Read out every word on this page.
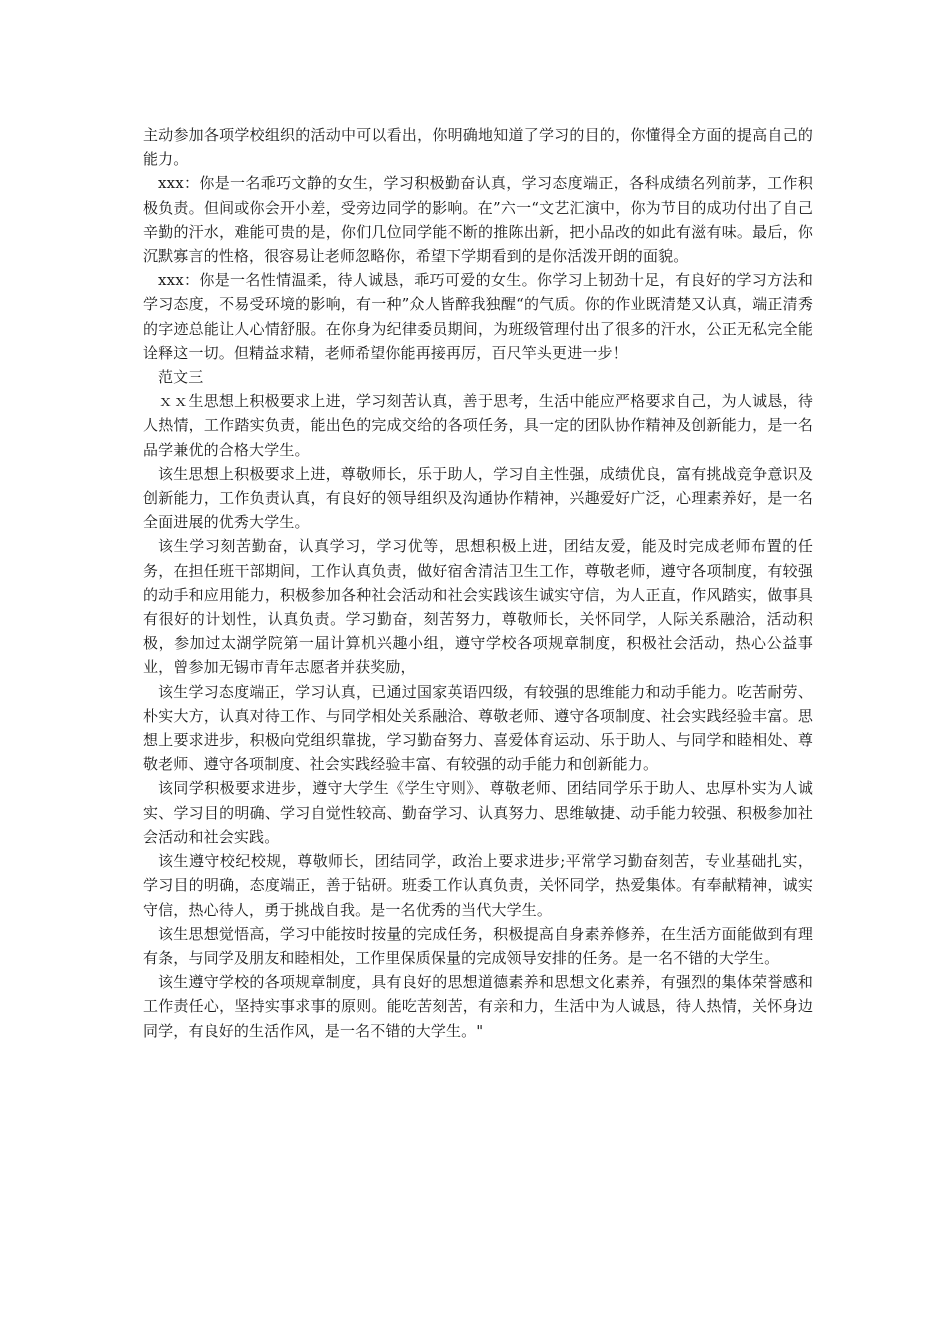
主动参加各项学校组织的活动中可以看出，你明确地知道了学习的目的，你懂得全方面的提高自己的能力。

xxx：你是一名乖巧文静的女生，学习积极勤奋认真，学习态度端正，各科成绩名列前茅，工作积极负责。但间或你会开小差，受旁边同学的影响。在”六一“文艺汇演中，你为节目的成功付出了自己辛勤的汗水，难能可贵的是，你们几位同学能不断的推陈出新，把小品改的如此有滋有味。最后，你沉默寡言的性格，很容易让老师忽略你，希望下学期看到的是你活泼开朗的面貌。

xxx：你是一名性情温柔，待人诚恳，乖巧可爱的女生。你学习上韧劲十足，有良好的学习方法和学习态度，不易受环境的影响，有一种”众人皆醉我独醒“的气质。你的作业既清楚又认真，端正清秀的字迹总能让人心情舒服。在你身为纪律委员期间，为班级管理付出了很多的汗水，公正无私完全能诠释这一切。但精益求精，老师希望你能再接再厉，百尺竿头更进一步！

范文三

ｘｘ生思想上积极要求上进，学习刻苦认真，善于思考，生活中能应严格要求自己，为人诚恳，待人热情，工作踏实负责，能出色的完成交给的各项任务，具一定的团队协作精神及创新能力，是一名品学兼优的合格大学生。

该生思想上积极要求上进，尊敬师长，乐于助人，学习自主性强，成绩优良，富有挑战竞争意识及创新能力，工作负责认真，有良好的领导组织及沟通协作精神，兴趣爱好广泛，心理素养好，是一名全面进展的优秀大学生。

该生学习刻苦勤奋，认真学习，学习优等，思想积极上进，团结友爱，能及时完成老师布置的任务，在担任班干部期间，工作认真负责，做好宿舍清洁卫生工作，尊敬老师，遵守各项制度，有较强的动手和应用能力，积极参加各种社会活动和社会实践该生诚实守信，为人正直，作风踏实，做事具有很好的计划性，认真负责。学习勤奋，刻苦努力，尊敬师长，关怀同学，人际关系融洽，活动积极，参加过太湖学院第一届计算机兴趣小组，遵守学校各项规章制度，积极社会活动，热心公益事业，曾参加无锡市青年志愿者并获奖励，

该生学习态度端正，学习认真，已通过国家英语四级，有较强的思维能力和动手能力。吃苦耐劳、朴实大方，认真对待工作、与同学相处关系融洽、尊敬老师、遵守各项制度、社会实践经验丰富。思想上要求进步，积极向党组织靠拢，学习勤奋努力、喜爱体育运动、乐于助人、与同学和睦相处、尊敬老师、遵守各项制度、社会实践经验丰富、有较强的动手能力和创新能力。

该同学积极要求进步，遵守大学生《学生守则》、尊敬老师、团结同学乐于助人、忠厚朴实为人诚实、学习目的明确、学习自觉性较高、勤奋学习、认真努力、思维敏捷、动手能力较强、积极参加社会活动和社会实践。

该生遵守校纪校规，尊敬师长，团结同学，政治上要求进步;平常学习勤奋刻苦，专业基础扎实，学习目的明确，态度端正，善于钻研。班委工作认真负责，关怀同学，热爱集体。有奉献精神，诚实守信，热心待人，勇于挑战自我。是一名优秀的当代大学生。

该生思想觉悟高，学习中能按时按量的完成任务，积极提高自身素养修养，在生活方面能做到有理有条，与同学及朋友和睦相处，工作里保质保量的完成领导安排的任务。是一名不错的大学生。

该生遵守学校的各项规章制度，具有良好的思想道德素养和思想文化素养，有强烈的集体荣誉感和工作责任心，坚持实事求事的原则。能吃苦刻苦，有亲和力，生活中为人诚恳，待人热情，关怀身边同学，有良好的生活作风，是一名不错的大学生。"
